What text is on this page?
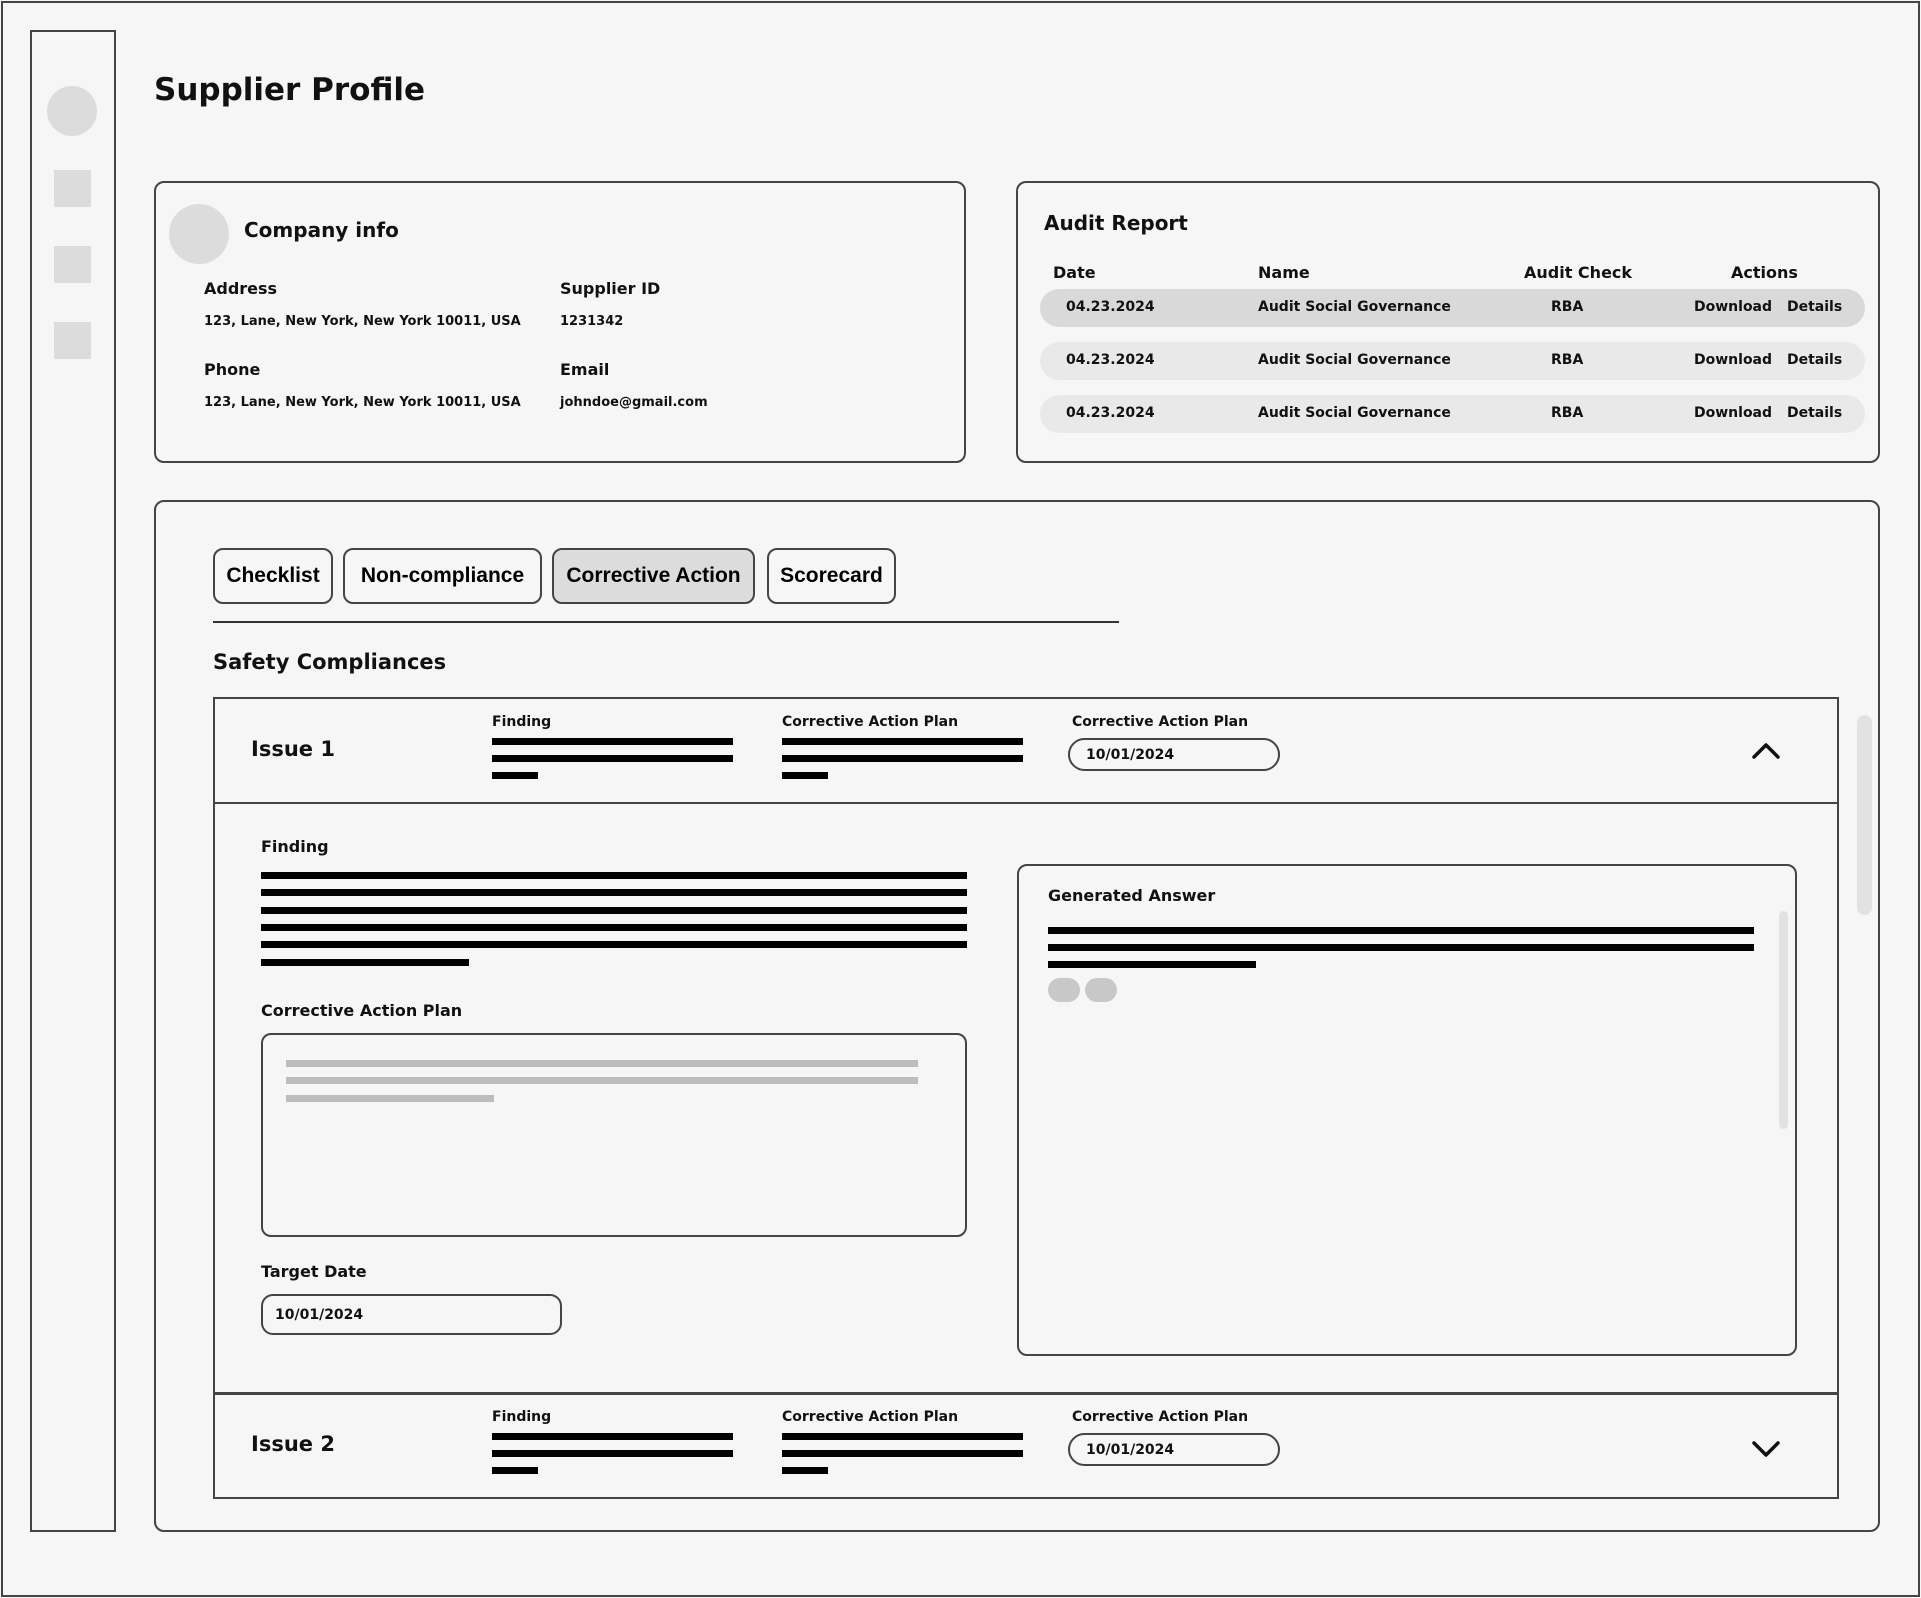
Supplier Profile
Company info
Address
123, Lane, New York, New York 10011, USA
Supplier ID
1231342
Phone
123, Lane, New York, New York 10011, USA
Email
johndoe@gmail.com
Audit Report
Date	Name	Audit Check	Actions
04.23.2024	Audit Social Governance	RBA	Download Details
04.23.2024	Audit Social Governance	RBA	Download Details
04.23.2024	Audit Social Governance	RBA	Download Details
Checklist	Non-compliance	Corrective Action	Scorecard
Safety Compliances
Issue 1
Finding	Corrective Action Plan	Corrective Action Plan
10/01/2024
Finding
Corrective Action Plan
Target Date
10/01/2024
Generated Answer
Issue 2
Finding	Corrective Action Plan	Corrective Action Plan
10/01/2024
